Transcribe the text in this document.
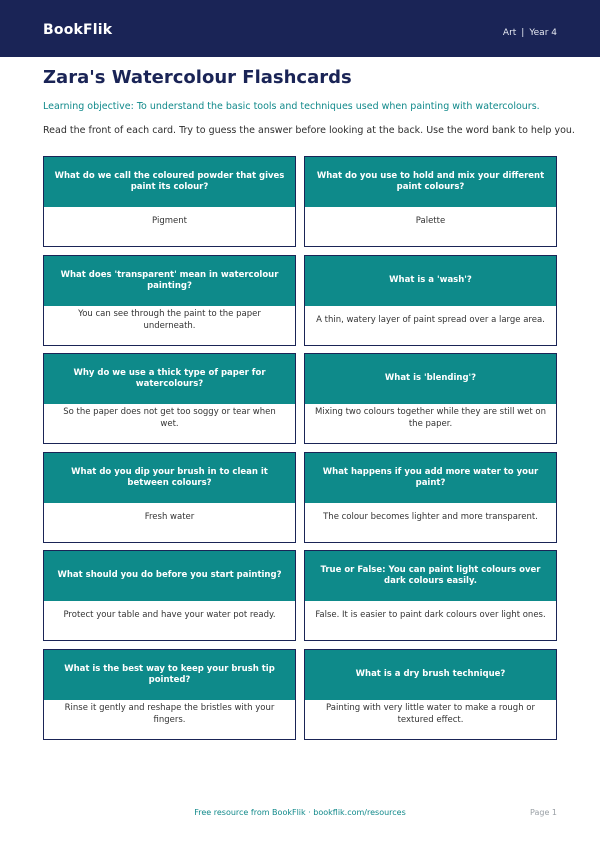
BookFlik	Art | Year 4
Zara's Watercolour Flashcards

Learning objective: To understand the basic tools and techniques used when painting with watercolours.

Read the front of each card. Try to guess the answer before looking at the back. Use the word bank to help you.

What do we call the coloured powder that gives paint its colour?
Pigment
What do you use to hold and mix your different paint colours?
Palette
What does 'transparent' mean in watercolour painting?
You can see through the paint to the paper underneath.
What is a 'wash'?
A thin, watery layer of paint spread over a large area.
Why do we use a thick type of paper for watercolours?
So the paper does not get too soggy or tear when wet.
What is 'blending'?
Mixing two colours together while they are still wet on the paper.
What do you dip your brush in to clean it between colours?
Fresh water
What happens if you add more water to your paint?
The colour becomes lighter and more transparent.
What should you do before you start painting?
Protect your table and have your water pot ready.
True or False: You can paint light colours over dark colours easily.
False. It is easier to paint dark colours over light ones.
What is the best way to keep your brush tip pointed?
Rinse it gently and reshape the bristles with your fingers.
What is a dry brush technique?
Painting with very little water to make a rough or textured effect.
Free resource from BookFlik · bookflik.com/resources	Page 1
